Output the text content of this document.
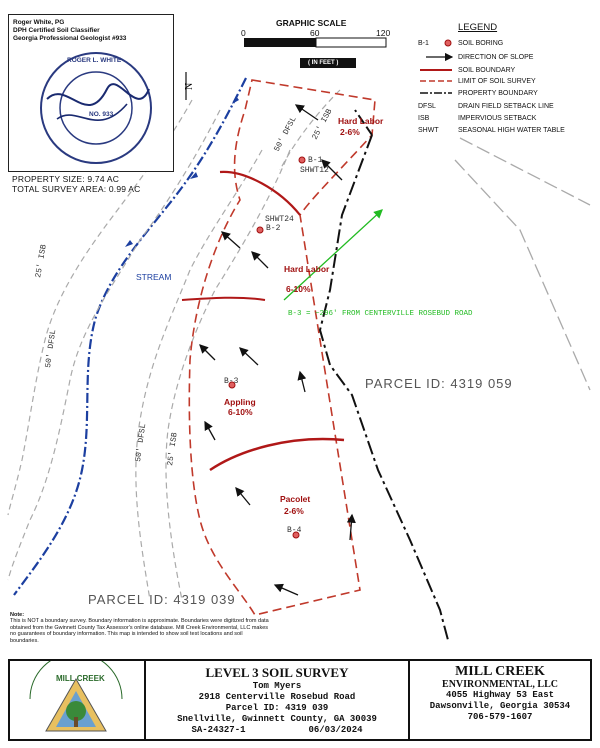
B-1
SHWT12
SHWT24
B-2
B-3
B-4
Hard Labor
2-6%
Hard Labor
6-10%
Appling
6-10%
Pacolet
2-6%
STREAM
B-3 = ~296' FROM CENTERVILLE ROSEBUD ROAD
PARCEL ID: 4319 059
PARCEL ID: 4319 039
25' ISB
50' DFSL
25' ISB
50' DFSL
50' DFSL 25' ISB
N
Roger White, PG
DPH Certified Soil Classifier
Georgia Professional Geologist #933
ROGER L. WHITE
NO. 933
PROPERTY SIZE: 9.74 AC
TOTAL SURVEY AREA: 0.99 AC
GRAPHIC SCALE
0	60	120
( IN FEET )
LEGEND
B-1	SOIL BORING
DIRECTION OF SLOPE
SOIL BOUNDARY
LIMIT OF SOIL SURVEY
PROPERTY BOUNDARY
DFSL	DRAIN FIELD SETBACK LINE
ISB	IMPERVIOUS SETBACK
SHWT	SEASONAL HIGH WATER TABLE
Note:
This is NOT a boundary survey. Boundary information is approximate. Boundaries were digitized from data obtained from the Gwinnett County Tax Assessor's online database. Mill Creek Environmental, LLC makes no guarantees of boundary information. This map is intended to show soil test locations and soil boundaries.
MILL CREEK	LEVEL 3 SOIL SURVEY
Tom Myers
2918 Centerville Rosebud Road
Parcel ID: 4319 039
Snellville, Gwinnett County, GA 30039
SA-24327-1	06/03/2024
MILL CREEK
ENVIRONMENTAL, LLC
4055 Highway 53 East
Dawsonville, Georgia 30534
706-579-1607
